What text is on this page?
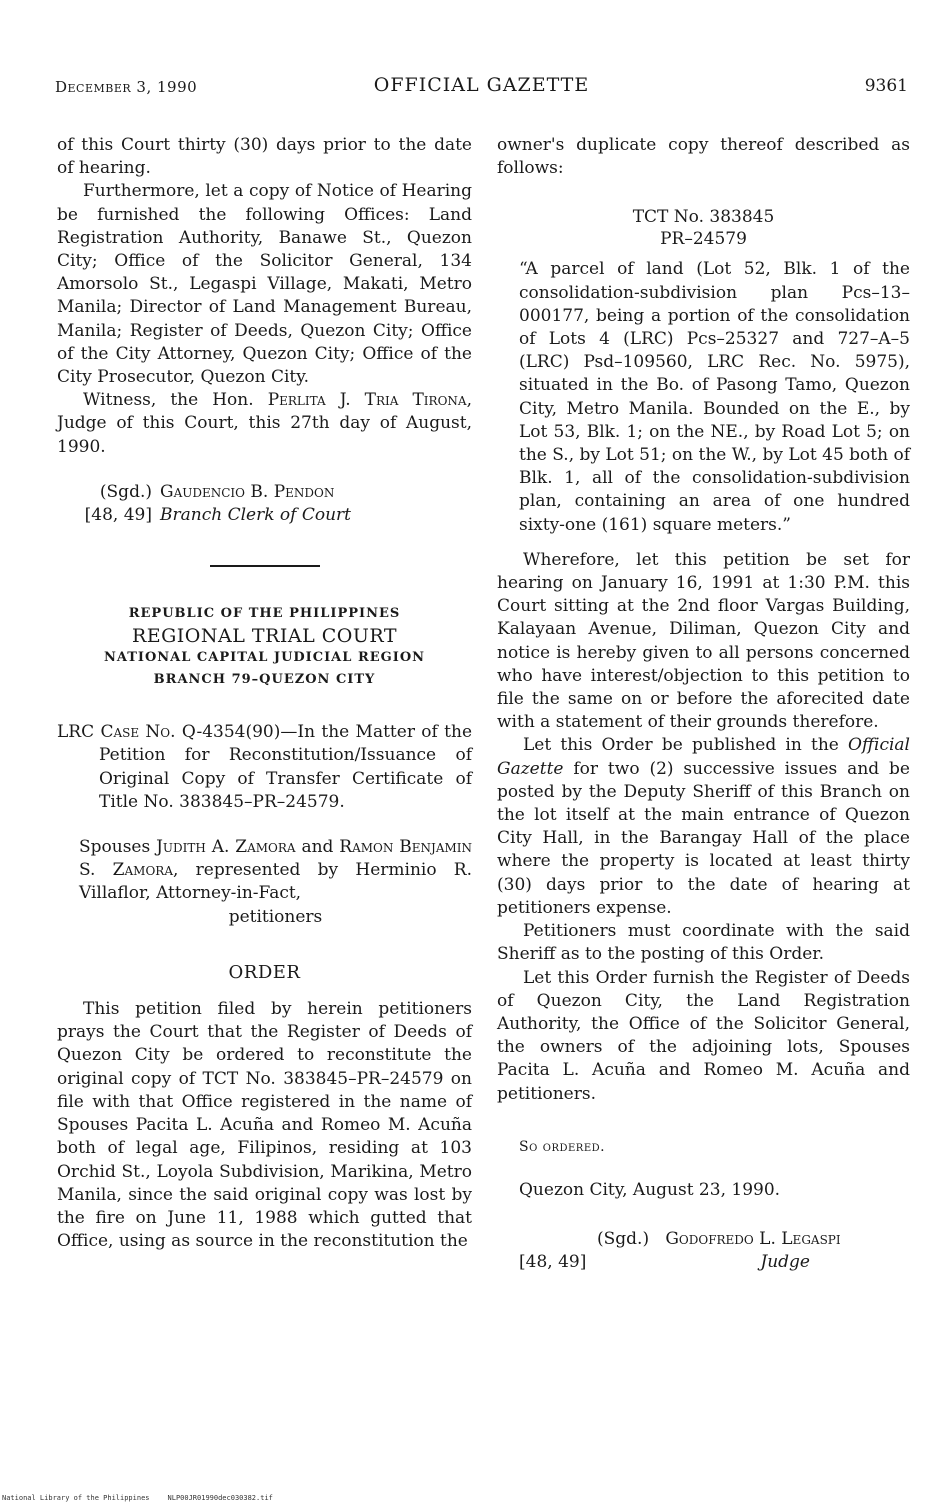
December 3, 1990	OFFICIAL GAZETTE	9361

of this Court thirty (30) days prior to the date of hearing.

Furthermore, let a copy of Notice of Hearing be furnished the following Offices: Land Registration Authority, Banawe St., Quezon City; Office of the Solicitor General, 134 Amorsolo St., Legaspi Village, Makati, Metro Manila; Director of Land Management Bureau, Manila; Register of Deeds, Quezon City; Office of the City Attorney, Quezon City; Office of the City Prosecutor, Quezon City.

Witness, the Hon. Perlita J. Tria Tirona, Judge of this Court, this 27th day of August, 1990.

(Sgd.) Gaudencio B. Pendon
[48, 49] Branch Clerk of Court
REPUBLIC OF THE PHILIPPINES
REGIONAL TRIAL COURT
NATIONAL CAPITAL JUDICIAL REGION
BRANCH 79–QUEZON CITY

LRC Case No. Q-4354(90)—In the Matter of the Petition for Reconstitution/Issuance of Original Copy of Transfer Certificate of Title No. 383845–PR–24579.

Spouses Judith A. Zamora and Ramon Benjamin S. Zamora, represented by Herminio R. Villaflor, Attorney-in-Fact,

petitioners

ORDER

This petition filed by herein petitioners prays the Court that the Register of Deeds of Quezon City be ordered to reconstitute the original copy of TCT No. 383845–PR–24579 on file with that Office registered in the name of Spouses Pacita L. Acuña and Romeo M. Acuña both of legal age, Filipinos, residing at 103 Orchid St., Loyola Subdivision, Marikina, Metro Manila, since the said original copy was lost by the fire on June 11, 1988 which gutted that Office, using as source in the reconstitution the

owner's duplicate copy thereof described as follows:

TCT No. 383845
PR–24579

“A parcel of land (Lot 52, Blk. 1 of the consolidation-subdivision plan Pcs–13–000177, being a portion of the consolidation of Lots 4 (LRC) Pcs–25327 and 727–A–5 (LRC) Psd–109560, LRC Rec. No. 5975), situated in the Bo. of Pasong Tamo, Quezon City, Metro Manila. Bounded on the E., by Lot 53, Blk. 1; on the NE., by Road Lot 5; on the S., by Lot 51; on the W., by Lot 45 both of Blk. 1, all of the consolidation-subdivision plan, containing an area of one hundred sixty-one (161) square meters.”

Wherefore, let this petition be set for hearing on January 16, 1991 at 1:30 P.M. this Court sitting at the 2nd floor Vargas Building, Kalayaan Avenue, Diliman, Quezon City and notice is hereby given to all persons concerned who have interest/objection to this petition to file the same on or before the aforecited date with a statement of their grounds therefore.

Let this Order be published in the Official Gazette for two (2) successive issues and be posted by the Deputy Sheriff of this Branch on the lot itself at the main entrance of Quezon City Hall, in the Barangay Hall of the place where the property is located at least thirty (30) days prior to the date of hearing at petitioners expense.

Petitioners must coordinate with the said Sheriff as to the posting of this Order.

Let this Order furnish the Register of Deeds of Quezon City, the Land Registration Authority, the Office of the Solicitor General, the owners of the adjoining lots, Spouses Pacita L. Acuña and Romeo M. Acuña and petitioners.

So ordered.

Quezon City, August 23, 1990.

(Sgd.) Godofredo L. Legaspi
[48, 49]	Judge
National Library of the Philippines	NLP00JR01990dec030382.tif
